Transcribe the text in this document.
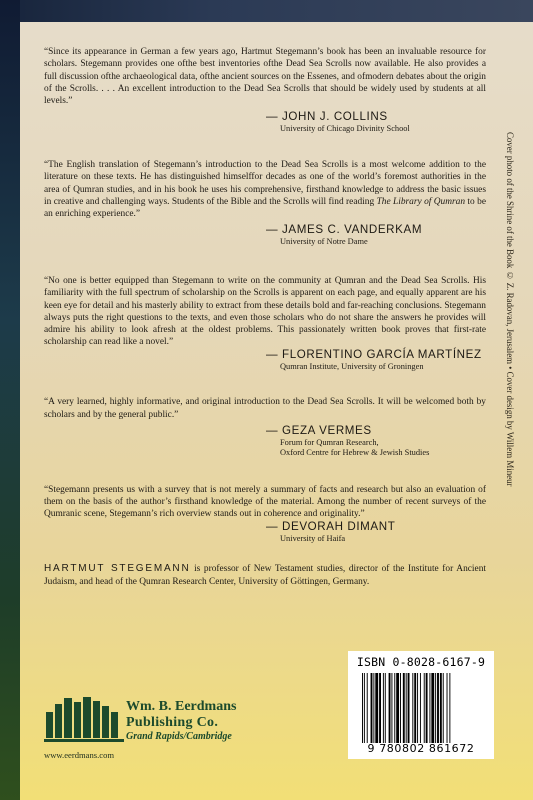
“Since its appearance in German a few years ago, Hartmut Stegemann’s book has been an invaluable resource for scholars. Stegemann provides one ofthe best inventories ofthe Dead Sea Scrolls now available. He also provides a full discussion ofthe archaeological data, ofthe ancient sources on the Essenes, and ofmodern debates about the origin of the Scrolls. . . . An excellent introduction to the Dead Sea Scrolls that should be widely used by students at all levels.”

— JOHN J. COLLINS
University of Chicago Divinity School

“The English translation of Stegemann’s introduction to the Dead Sea Scrolls is a most welcome addition to the literature on these texts. He has distinguished himselffor decades as one of the world’s foremost authorities in the area of Qumran studies, and in his book he uses his comprehensive, firsthand knowledge to address the basic issues in creative and challenging ways. Students of the Bible and the Scrolls will find reading The Library of Qumran to be an enriching experience.”

— JAMES C. VANDERKAM
University of Notre Dame

“No one is better equipped than Stegemann to write on the community at Qumran and the Dead Sea Scrolls. His familiarity with the full spectrum of scholarship on the Scrolls is apparent on each page, and equally apparent are his keen eye for detail and his masterly ability to extract from these details bold and far-reaching conclusions. Stegemann always puts the right questions to the texts, and even those scholars who do not share the answers he provides will admire his ability to look afresh at the oldest problems. This passionately written book proves that first-rate scholarship can read like a novel.”

— FLORENTINO GARCÍA MARTÍNEZ
Qumran Institute, University of Groningen

“A very learned, highly informative, and original introduction to the Dead Sea Scrolls. It will be welcomed both by scholars and by the general public.”

— GEZA VERMES
Forum for Qumran Research,
Oxford Centre for Hebrew & Jewish Studies

“Stegemann presents us with a survey that is not merely a summary of facts and research but also an evaluation of them on the basis of the author’s firsthand knowledge of the material. Among the number of recent surveys of the Qumranic scene, Stegemann’s rich overview stands out in coherence and originality.”

— DEVORAH DIMANT
University of Haifa

HARTMUT STEGEMANN is professor of New Testament studies, director of the Institute for Ancient Judaism, and head of the Qumran Research Center, University of Göttingen, Germany.

Cover photo of the Shrine of the Book © Z. Radovan, Jerusalem • Cover design by Willem Mineur
ISBN 0-8028-6167-9
9 780802 861672
Wm. B. Eerdmans
Publishing Co.
Grand Rapids/Cambridge
www.eerdmans.com
